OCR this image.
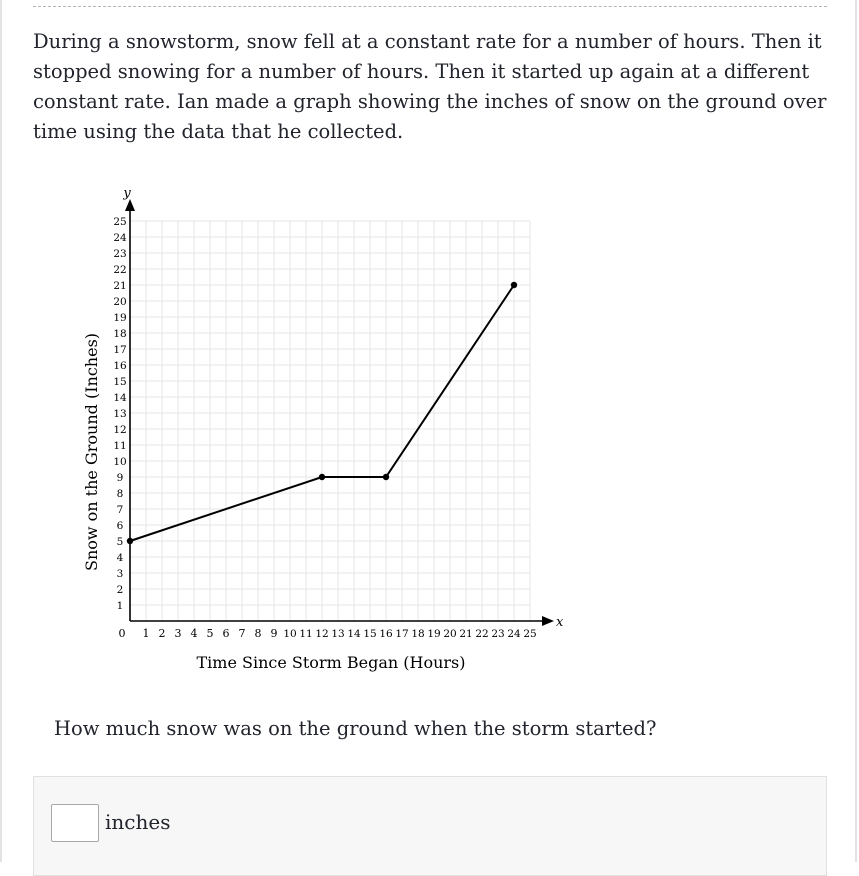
During a snowstorm, snow fell at a constant rate for a number of hours. Then it stopped snowing for a number of hours. Then it started up again at a different constant rate. Ian made a graph showing the inches of snow on the ground over time using the data that he collected.

1 2 3 4 5 6 7 8 9 10 11 12 13 14 15 16 17 18 19 20 21 22 23 24 25
1
2
3
4
5
6
7
8
9
10
11
12
13
14
15
16
17
18
19
20
21
22
23
24
25
0
x
y
Time Since Storm Began (Hours)
Snow on the Ground (Inches)

How much snow was on the ground when the storm started?

inches
